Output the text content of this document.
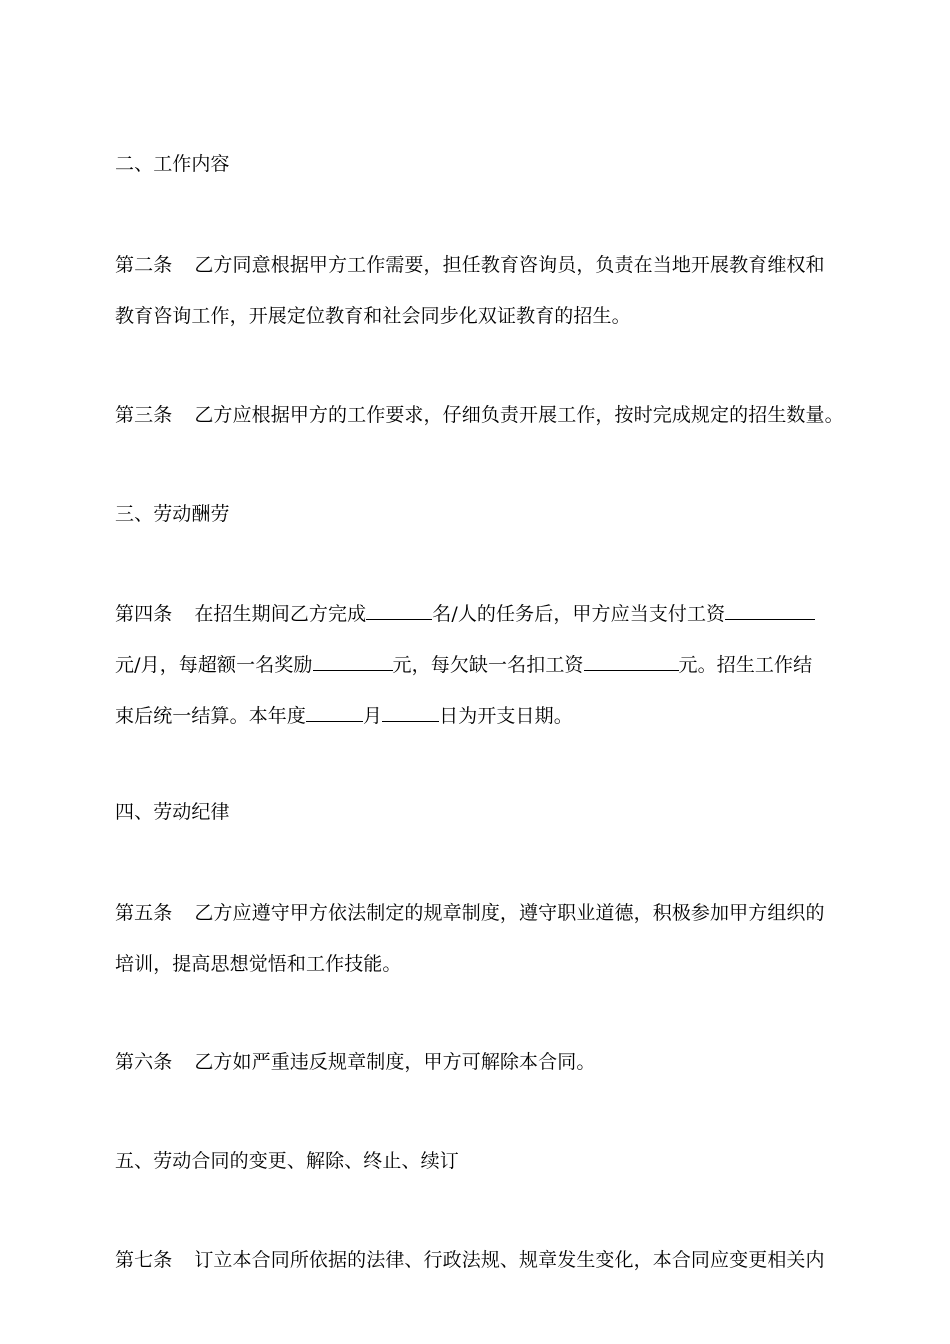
二、工作内容
第二条 乙方同意根据甲方工作需要，担任教育咨询员，负责在当地开展教育维权和
教育咨询工作，开展定位教育和社会同步化双证教育的招生。
第三条 乙方应根据甲方的工作要求，仔细负责开展工作，按时完成规定的招生数量。
三、劳动酬劳
第四条 在招生期间乙方完成	名/人的任务后，甲方应当支付工资
元/月，每超额一名奖励	元，每欠缺一名扣工资	元。招生工作结
束后统一结算。本年度	月	日为开支日期。
四、劳动纪律
第五条 乙方应遵守甲方依法制定的规章制度，遵守职业道德，积极参加甲方组织的
培训，提高思想觉悟和工作技能。
第六条 乙方如严重违反规章制度，甲方可解除本合同。
五、劳动合同的变更、解除、终止、续订
第七条 订立本合同所依据的法律、行政法规、规章发生变化，本合同应变更相关内
